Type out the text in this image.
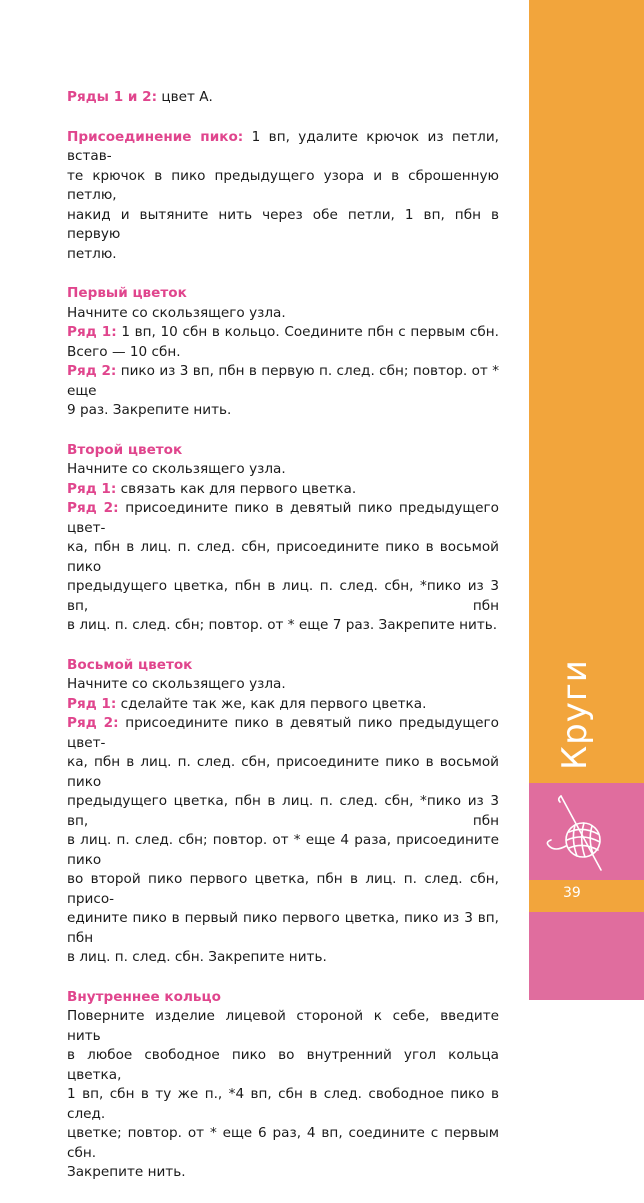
Ряды 1 и 2: цвет А.
Присоединение пико: 1 вп, удалите крючок из петли, встав-
те крючок в пико предыдущего узора и в сброшенную петлю,
накид и вытяните нить через обе петли, 1 вп, пбн в первую
петлю.
Первый цветок
Начните со скользящего узла.
Ряд 1: 1 вп, 10 сбн в кольцо. Соедините пбн с первым сбн.
Всего — 10 сбн.
Ряд 2: пико из 3 вп, пбн в первую п. след. сбн; повтор. от * еще
9 раз. Закрепите нить.
Второй цветок
Начните со скользящего узла.
Ряд 1: связать как для первого цветка.
Ряд 2: присоедините пико в девятый пико предыдущего цвет-
ка, пбн в лиц. п. след. сбн, присоедините пико в восьмой пико
предыдущего цветка, пбн в лиц. п. след. сбн, *пико из 3 вп, пбн
в лиц. п. след. сбн; повтор. от * еще 7 раз. Закрепите нить.
Восьмой цветок
Начните со скользящего узла.
Ряд 1: сделайте так же, как для первого цветка.
Ряд 2: присоедините пико в девятый пико предыдущего цвет-
ка, пбн в лиц. п. след. сбн, присоедините пико в восьмой пико
предыдущего цветка, пбн в лиц. п. след. сбн, *пико из 3 вп, пбн
в лиц. п. след. сбн; повтор. от * еще 4 раза, присоедините пико
во второй пико первого цветка, пбн в лиц. п. след. сбн, присо-
едините пико в первый пико первого цветка, пико из 3 вп, пбн
в лиц. п. след. сбн. Закрепите нить.
Внутреннее кольцо
Поверните изделие лицевой стороной к себе, введите нить
в любое свободное пико во внутренний угол кольца цветка,
1 вп, сбн в ту же п., *4 вп, сбн в след. свободное пико в след.
цветке; повтор. от * еще 6 раз, 4 вп, соедините с первым сбн.
Закрепите нить.
Круги
39
